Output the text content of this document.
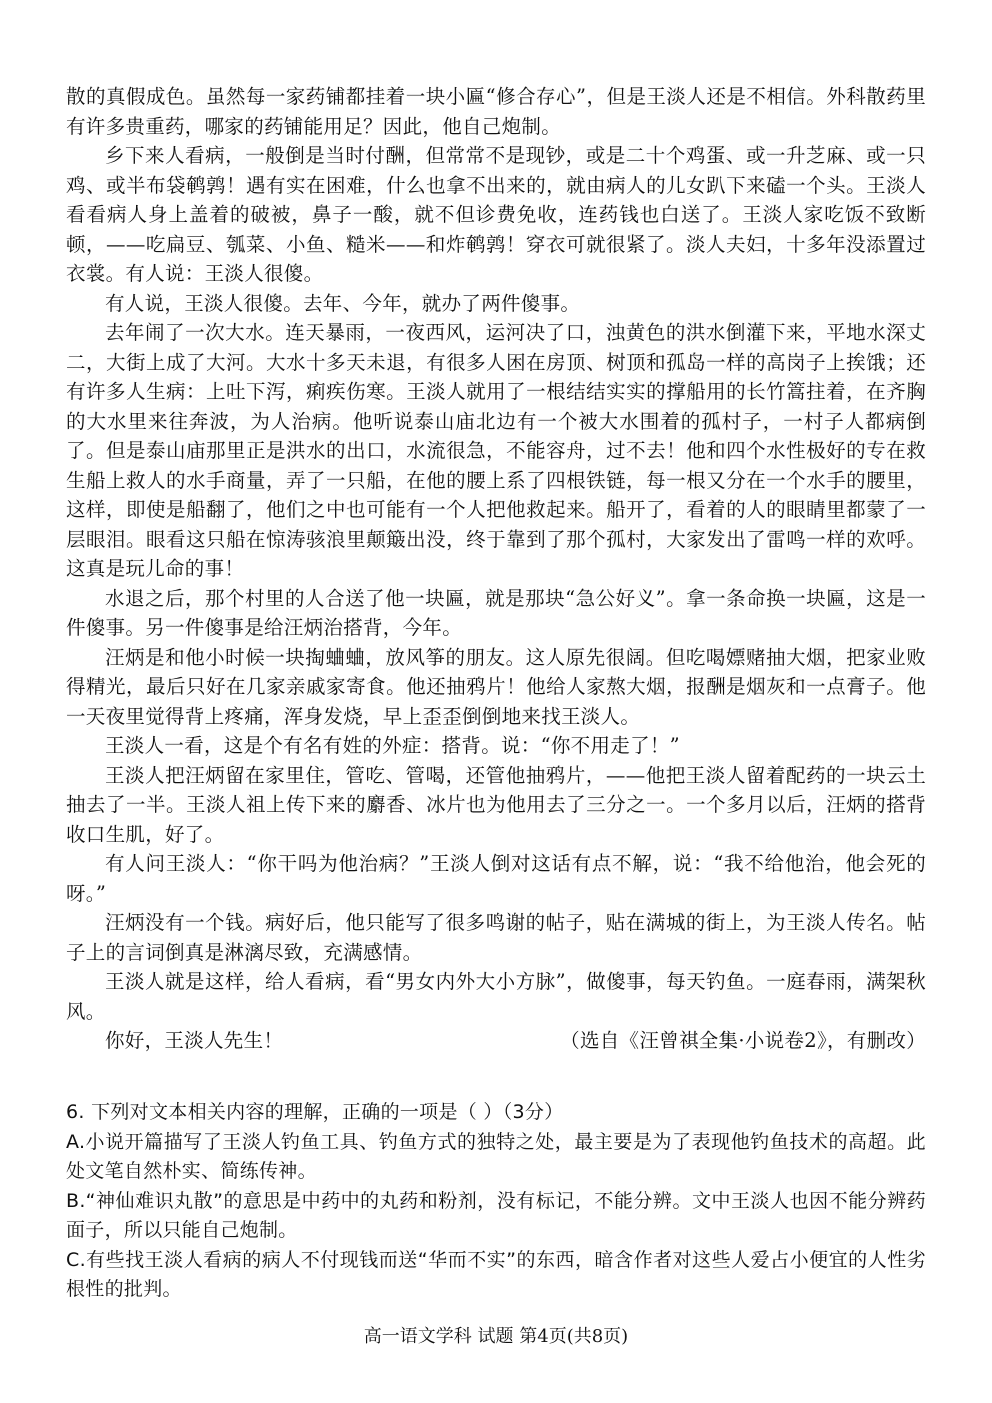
散的真假成色。虽然每一家药铺都挂着一块小匾“修合存心”，但是王淡人还是不相信。外科散药里有许多贵重药，哪家的药铺能用足？因此，他自己炮制。

乡下来人看病，一般倒是当时付酬，但常常不是现钞，或是二十个鸡蛋、或一升芝麻、或一只鸡、或半布袋鹌鹑！遇有实在困难，什么也拿不出来的，就由病人的儿女趴下来磕一个头。王淡人看看病人身上盖着的破被，鼻子一酸，就不但诊费免收，连药钱也白送了。王淡人家吃饭不致断顿，——吃扁豆、瓠菜、小鱼、糙米——和炸鹌鹑！穿衣可就很紧了。淡人夫妇，十多年没添置过衣裳。有人说：王淡人很傻。

有人说，王淡人很傻。去年、今年，就办了两件傻事。

去年闹了一次大水。连天暴雨，一夜西风，运河决了口，浊黄色的洪水倒灌下来，平地水深丈二，大街上成了大河。大水十多天未退，有很多人困在房顶、树顶和孤岛一样的高岗子上挨饿；还有许多人生病：上吐下泻，痢疾伤寒。王淡人就用了一根结结实实的撑船用的长竹篙拄着，在齐胸的大水里来往奔波，为人治病。他听说泰山庙北边有一个被大水围着的孤村子，一村子人都病倒了。但是泰山庙那里正是洪水的出口，水流很急，不能容舟，过不去！他和四个水性极好的专在救生船上救人的水手商量，弄了一只船，在他的腰上系了四根铁链，每一根又分在一个水手的腰里，这样，即使是船翻了，他们之中也可能有一个人把他救起来。船开了，看着的人的眼睛里都蒙了一层眼泪。眼看这只船在惊涛骇浪里颠簸出没，终于靠到了那个孤村，大家发出了雷鸣一样的欢呼。这真是玩儿命的事！

水退之后，那个村里的人合送了他一块匾，就是那块“急公好义”。拿一条命换一块匾，这是一件傻事。另一件傻事是给汪炳治搭背，今年。

汪炳是和他小时候一块掏蛐蛐，放风筝的朋友。这人原先很阔。但吃喝嫖赌抽大烟，把家业败得精光，最后只好在几家亲戚家寄食。他还抽鸦片！他给人家熬大烟，报酬是烟灰和一点膏子。他一天夜里觉得背上疼痛，浑身发烧，早上歪歪倒倒地来找王淡人。

王淡人一看，这是个有名有姓的外症：搭背。说：“你不用走了！”

王淡人把汪炳留在家里住，管吃、管喝，还管他抽鸦片，——他把王淡人留着配药的一块云土抽去了一半。王淡人祖上传下来的麝香、冰片也为他用去了三分之一。一个多月以后，汪炳的搭背收口生肌，好了。

有人问王淡人：“你干吗为他治病？”王淡人倒对这话有点不解，说：“我不给他治，他会死的呀。”

汪炳没有一个钱。病好后，他只能写了很多鸣谢的帖子，贴在满城的街上，为王淡人传名。帖子上的言词倒真是淋漓尽致，充满感情。

王淡人就是这样，给人看病，看“男女内外大小方脉”，做傻事，每天钓鱼。一庭春雨，满架秋风。

你好，王淡人先生！	（选自《汪曾祺全集·小说卷2》，有删改）

6. 下列对文本相关内容的理解，正确的一项是（ ）（3分）

A.小说开篇描写了王淡人钓鱼工具、钓鱼方式的独特之处，最主要是为了表现他钓鱼技术的高超。此处文笔自然朴实、简练传神。

B.“神仙难识丸散”的意思是中药中的丸药和粉剂，没有标记，不能分辨。文中王淡人也因不能分辨药面子，所以只能自己炮制。

C.有些找王淡人看病的病人不付现钱而送“华而不实”的东西，暗含作者对这些人爱占小便宜的人性劣根性的批判。

高一语文学科 试题 第4页(共8页)
